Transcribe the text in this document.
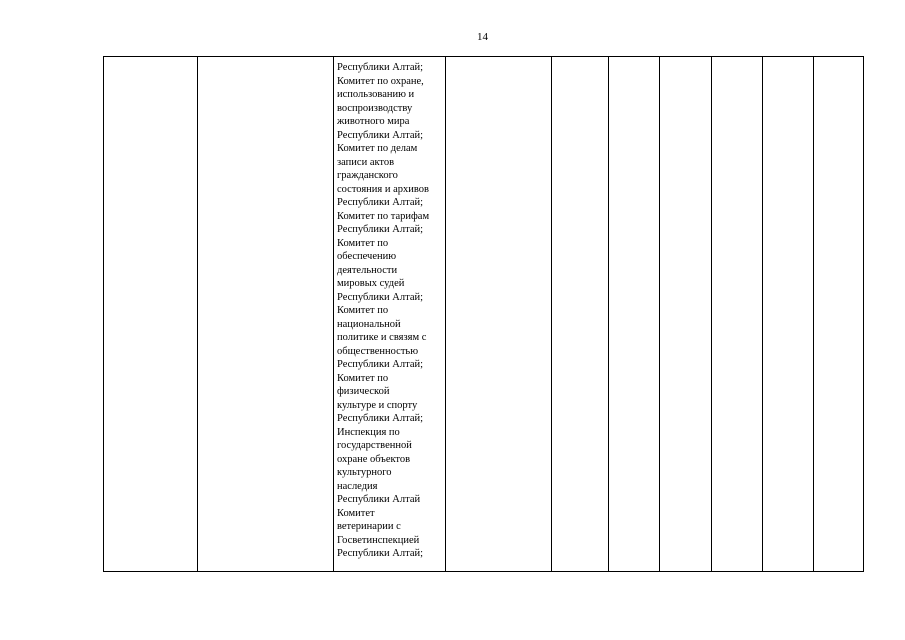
14

Республики Алтай;
Комитет по охране,
использованию и
воспроизводству
животного мира
Республики Алтай;
Комитет по делам
записи актов
гражданского
состояния и архивов
Республики Алтай;
Комитет по тарифам
Республики Алтай;
Комитет по
обеспечению
деятельности
мировых судей
Республики Алтай;
Комитет по
национальной
политике и связям с
общественностью
Республики Алтай;
Комитет по
физической
культуре и спорту
Республики Алтай;
Инспекция по
государственной
охране объектов
культурного
наследия
Республики Алтай
Комитет
ветеринарии с
Госветинспекцией
Республики Алтай;
